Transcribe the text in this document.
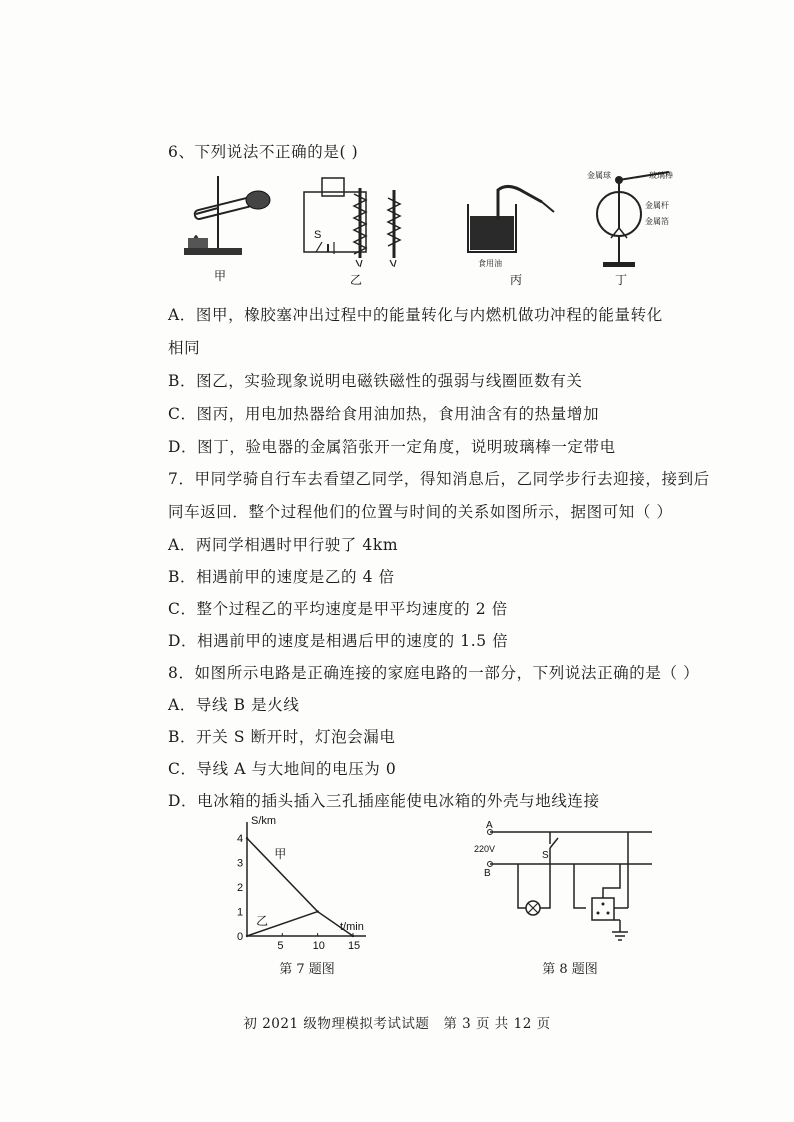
6、下列说法不正确的是( )
甲
S
乙
食用油
丙
金属球	玻璃棒
金属杆
金属箔
丁
A．图甲，橡胶塞冲出过程中的能量转化与内燃机做功冲程的能量转化
相同
B．图乙，实验现象说明电磁铁磁性的强弱与线圈匝数有关
C．图丙，用电加热器给食用油加热，食用油含有的热量增加
D．图丁，验电器的金属箔张开一定角度，说明玻璃棒一定带电
7．甲同学骑自行车去看望乙同学，得知消息后，乙同学步行去迎接，接到后
同车返回．整个过程他们的位置与时间的关系如图所示，据图可知（ ）
A．两同学相遇时甲行驶了 4km
B．相遇前甲的速度是乙的 4 倍
C．整个过程乙的平均速度是甲平均速度的 2 倍
D．相遇前甲的速度是相遇后甲的速度的 1.5 倍
8．如图所示电路是正确连接的家庭电路的一部分，下列说法正确的是（ ）
A．导线 B 是火线
B．开关 S 断开时，灯泡会漏电
C．导线 A 与大地间的电压为 0
D．电冰箱的插头插入三孔插座能使电冰箱的外壳与地线连接
S/km
t/min
0
1
2
3
4
5	10 15
甲
乙
第 7 题图
A
B
220V
S
第 8 题图
初 2021 级物理模拟考试试题　第 3 页 共 12 页
